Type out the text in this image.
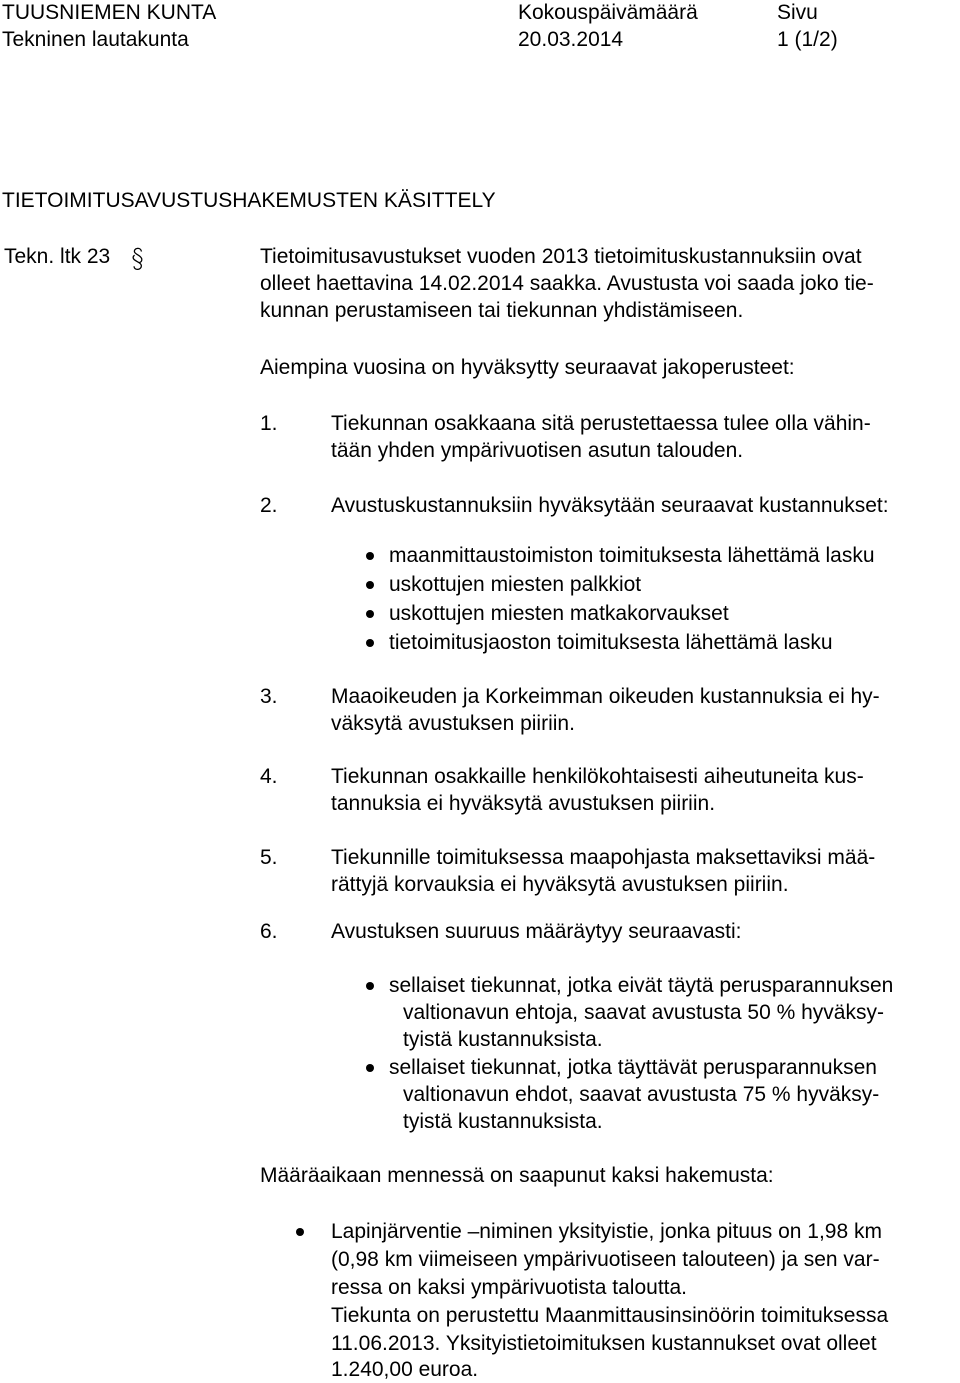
TUUSNIEMEN KUNTA
Tekninen lautakunta
Kokouspäivämäärä
20.03.2014
Sivu
1 (1/2)
TIETOIMITUSAVUSTUSHAKEMUSTEN KÄSITTELY
Tekn. ltk 23	Tietoimitusavustukset vuoden 2013 tietoimituskustannuksiin ovat
olleet haettavina 14.02.2014 saakka. Avustusta voi saada joko tie-
kunnan perustamiseen tai tiekunnan yhdistämiseen.
Aiempina vuosina on hyväksytty seuraavat jakoperusteet:
1.	Tiekunnan osakkaana sitä perustettaessa tulee olla vähin-
tään yhden ympärivuotisen asutun talouden.
2.	Avustuskustannuksiin hyväksytään seuraavat kustannukset:
maanmittaustoimiston toimituksesta lähettämä lasku
uskottujen miesten palkkiot
uskottujen miesten matkakorvaukset
tietoimitusjaoston toimituksesta lähettämä lasku
3.	Maaoikeuden ja Korkeimman oikeuden kustannuksia ei hy-
väksytä avustuksen piiriin.
4.	Tiekunnan osakkaille henkilökohtaisesti aiheutuneita kus-
tannuksia ei hyväksytä avustuksen piiriin.
5.	Tiekunnille toimituksessa maapohjasta maksettaviksi mää-
rättyjä korvauksia ei hyväksytä avustuksen piiriin.
6.	Avustuksen suuruus määräytyy seuraavasti:
sellaiset tiekunnat, jotka eivät täytä perusparannuksen
valtionavun ehtoja, saavat avustusta 50 % hyväksy-
tyistä kustannuksista.
sellaiset tiekunnat, jotka täyttävät perusparannuksen
valtionavun ehdot, saavat avustusta 75 % hyväksy-
tyistä kustannuksista.
Määräaikaan mennessä on saapunut kaksi hakemusta:
Lapinjärventie –niminen yksityistie, jonka pituus on 1,98 km
(0,98 km viimeiseen ympärivuotiseen talouteen) ja sen var-
ressa on kaksi ympärivuotista taloutta.
Tiekunta on perustettu Maanmittausinsinöörin toimituksessa
11.06.2013. Yksityistietoimituksen kustannukset ovat olleet
1.240,00 euroa.
